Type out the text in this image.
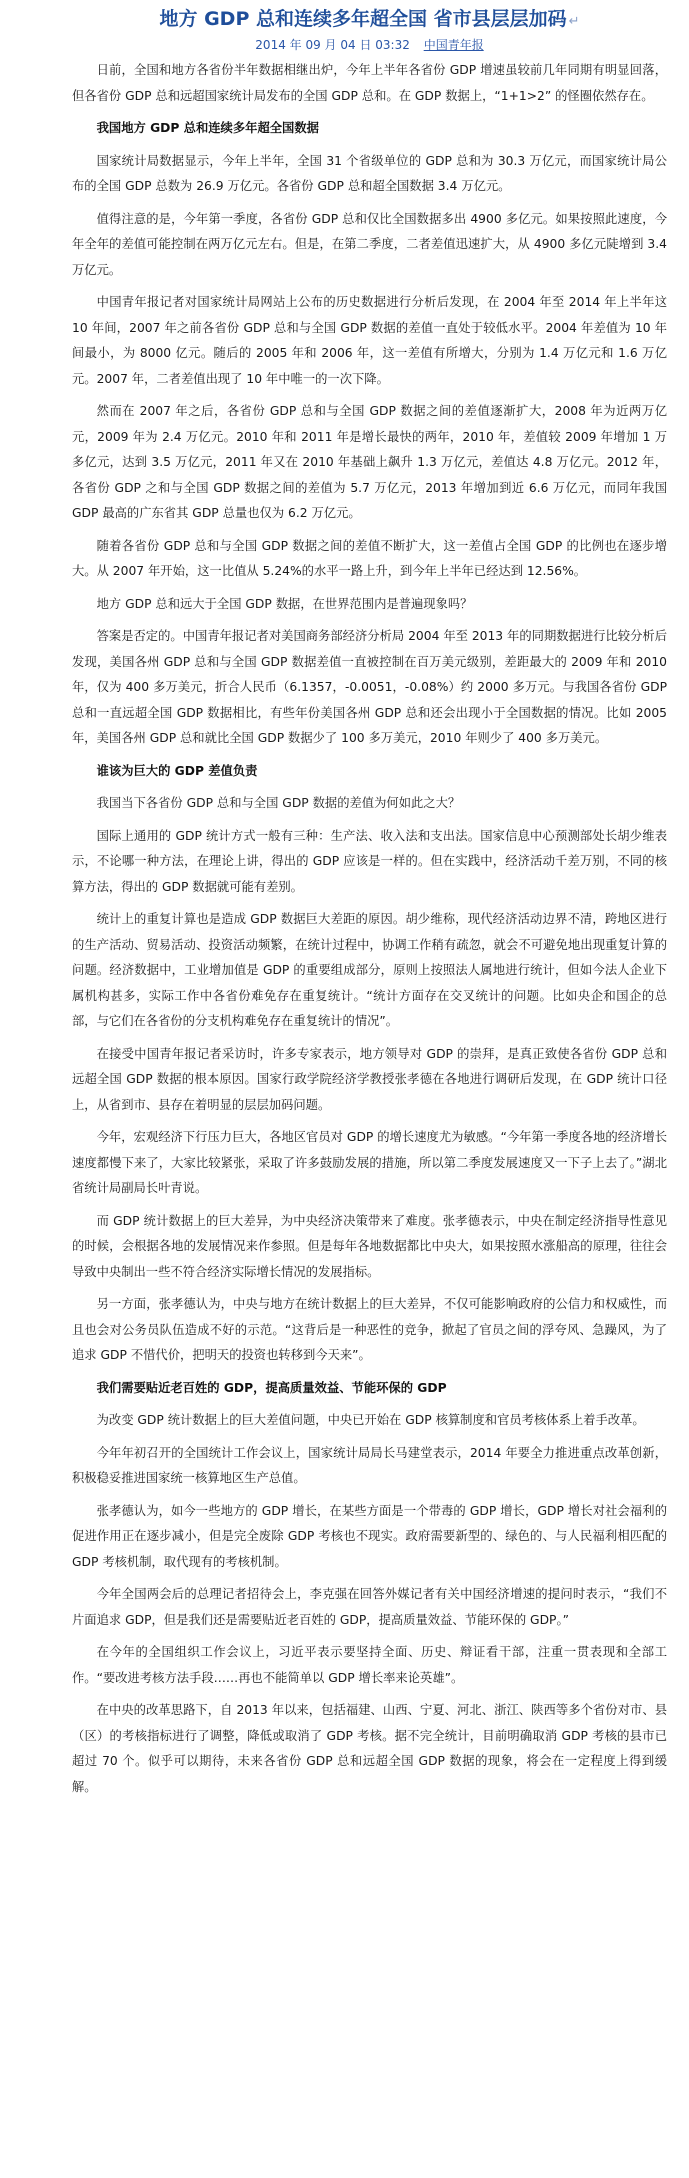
地方 GDP 总和连续多年超全国 省市县层层加码 ↵
2014 年 09 月 04 日 03:32 中国青年报

日前，全国和地方各省份半年数据相继出炉，今年上半年各省份 GDP 增速虽较前几年同期有明显回落，但各省份 GDP 总和远超国家统计局发布的全国 GDP 总和。在 GDP 数据上，“1+1>2” 的怪圈依然存在。

我国地方 GDP 总和连续多年超全国数据

国家统计局数据显示，今年上半年，全国 31 个省级单位的 GDP 总和为 30.3 万亿元，而国家统计局公布的全国 GDP 总数为 26.9 万亿元。各省份 GDP 总和超全国数据 3.4 万亿元。

值得注意的是，今年第一季度，各省份 GDP 总和仅比全国数据多出 4900 多亿元。如果按照此速度，今年全年的差值可能控制在两万亿元左右。但是，在第二季度，二者差值迅速扩大，从 4900 多亿元陡增到 3.4 万亿元。

中国青年报记者对国家统计局网站上公布的历史数据进行分析后发现，在 2004 年至 2014 年上半年这 10 年间，2007 年之前各省份 GDP 总和与全国 GDP 数据的差值一直处于较低水平。2004 年差值为 10 年间最小，为 8000 亿元。随后的 2005 年和 2006 年，这一差值有所增大，分别为 1.4 万亿元和 1.6 万亿元。2007 年，二者差值出现了 10 年中唯一的一次下降。

然而在 2007 年之后，各省份 GDP 总和与全国 GDP 数据之间的差值逐渐扩大，2008 年为近两万亿元，2009 年为 2.4 万亿元。2010 年和 2011 年是增长最快的两年，2010 年，差值较 2009 年增加 1 万多亿元，达到 3.5 万亿元，2011 年又在 2010 年基础上飙升 1.3 万亿元，差值达 4.8 万亿元。2012 年，各省份 GDP 之和与全国 GDP 数据之间的差值为 5.7 万亿元，2013 年增加到近 6.6 万亿元，而同年我国 GDP 最高的广东省其 GDP 总量也仅为 6.2 万亿元。

随着各省份 GDP 总和与全国 GDP 数据之间的差值不断扩大，这一差值占全国 GDP 的比例也在逐步增大。从 2007 年开始，这一比值从 5.24%的水平一路上升，到今年上半年已经达到 12.56%。

地方 GDP 总和远大于全国 GDP 数据，在世界范围内是普遍现象吗？

答案是否定的。中国青年报记者对美国商务部经济分析局 2004 年至 2013 年的同期数据进行比较分析后发现，美国各州 GDP 总和与全国 GDP 数据差值一直被控制在百万美元级别，差距最大的 2009 年和 2010 年，仅为 400 多万美元，折合人民币（6.1357，-0.0051，-0.08%）约 2000 多万元。与我国各省份 GDP 总和一直远超全国 GDP 数据相比，有些年份美国各州 GDP 总和还会出现小于全国数据的情况。比如 2005 年，美国各州 GDP 总和就比全国 GDP 数据少了 100 多万美元，2010 年则少了 400 多万美元。

谁该为巨大的 GDP 差值负责

我国当下各省份 GDP 总和与全国 GDP 数据的差值为何如此之大？

国际上通用的 GDP 统计方式一般有三种：生产法、收入法和支出法。国家信息中心预测部处长胡少维表示，不论哪一种方法，在理论上讲，得出的 GDP 应该是一样的。但在实践中，经济活动千差万别，不同的核算方法，得出的 GDP 数据就可能有差别。

统计上的重复计算也是造成 GDP 数据巨大差距的原因。胡少维称，现代经济活动边界不清，跨地区进行的生产活动、贸易活动、投资活动频繁，在统计过程中，协调工作稍有疏忽，就会不可避免地出现重复计算的问题。经济数据中，工业增加值是 GDP 的重要组成部分，原则上按照法人属地进行统计，但如今法人企业下属机构甚多，实际工作中各省份难免存在重复统计。“统计方面存在交叉统计的问题。比如央企和国企的总部，与它们在各省份的分支机构难免存在重复统计的情况”。

在接受中国青年报记者采访时，许多专家表示，地方领导对 GDP 的崇拜，是真正致使各省份 GDP 总和远超全国 GDP 数据的根本原因。国家行政学院经济学教授张孝德在各地进行调研后发现，在 GDP 统计口径上，从省到市、县存在着明显的层层加码问题。

今年，宏观经济下行压力巨大，各地区官员对 GDP 的增长速度尤为敏感。“今年第一季度各地的经济增长速度都慢下来了，大家比较紧张，采取了许多鼓励发展的措施，所以第二季度发展速度又一下子上去了。”湖北省统计局副局长叶青说。

而 GDP 统计数据上的巨大差异，为中央经济决策带来了难度。张孝德表示，中央在制定经济指导性意见的时候，会根据各地的发展情况来作参照。但是每年各地数据都比中央大，如果按照水涨船高的原理，往往会导致中央制出一些不符合经济实际增长情况的发展指标。

另一方面，张孝德认为，中央与地方在统计数据上的巨大差异，不仅可能影响政府的公信力和权威性，而且也会对公务员队伍造成不好的示范。“这背后是一种恶性的竞争，掀起了官员之间的浮夸风、急躁风，为了追求 GDP 不惜代价，把明天的投资也转移到今天来”。

我们需要贴近老百姓的 GDP，提高质量效益、节能环保的 GDP

为改变 GDP 统计数据上的巨大差值问题，中央已开始在 GDP 核算制度和官员考核体系上着手改革。

今年年初召开的全国统计工作会议上，国家统计局局长马建堂表示，2014 年要全力推进重点改革创新，积极稳妥推进国家统一核算地区生产总值。

张孝德认为，如今一些地方的 GDP 增长，在某些方面是一个带毒的 GDP 增长，GDP 增长对社会福利的促进作用正在逐步减小，但是完全废除 GDP 考核也不现实。政府需要新型的、绿色的、与人民福利相匹配的 GDP 考核机制，取代现有的考核机制。

今年全国两会后的总理记者招待会上，李克强在回答外媒记者有关中国经济增速的提问时表示，“我们不片面追求 GDP，但是我们还是需要贴近老百姓的 GDP，提高质量效益、节能环保的 GDP。”

在今年的全国组织工作会议上，习近平表示要坚持全面、历史、辩证看干部，注重一贯表现和全部工作。“要改进考核方法手段……再也不能简单以 GDP 增长率来论英雄”。

在中央的改革思路下，自 2013 年以来，包括福建、山西、宁夏、河北、浙江、陕西等多个省份对市、县（区）的考核指标进行了调整，降低或取消了 GDP 考核。据不完全统计，目前明确取消 GDP 考核的县市已超过 70 个。似乎可以期待，未来各省份 GDP 总和远超全国 GDP 数据的现象，将会在一定程度上得到缓解。
